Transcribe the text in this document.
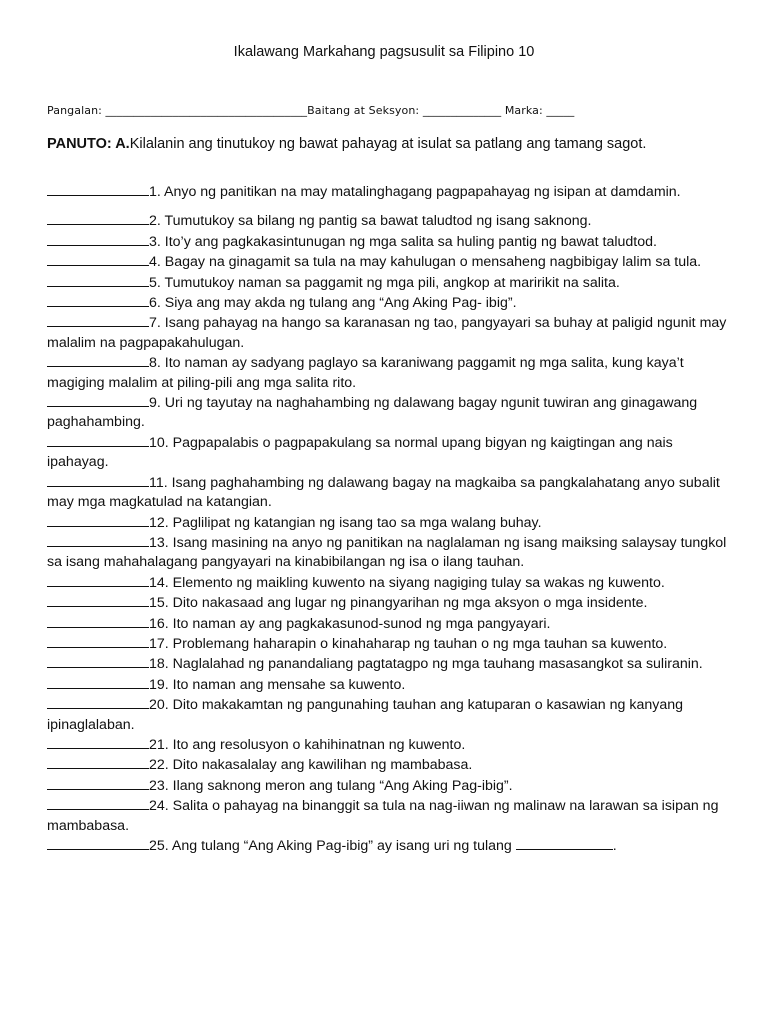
Ikalawang Markahang pagsusulit sa Filipino 10
Pangalan: ____________________________________Baitang at Seksyon: ______________ Marka: _____
PANUTO: A.Kilalanin ang tinutukoy ng bawat pahayag at isulat sa patlang ang tamang sagot.

1. Anyo ng panitikan na may matalinghagang pagpapahayag ng isipan at damdamin.

2. Tumutukoy sa bilang ng pantig sa bawat taludtod ng isang saknong.

3. Ito’y ang pagkakasintunugan ng mga salita sa huling pantig ng bawat taludtod.

4. Bagay na ginagamit sa tula na may kahulugan o mensaheng nagbibigay lalim sa tula.

5. Tumutukoy naman sa paggamit ng mga pili, angkop at maririkit na salita.

6. Siya ang may akda ng tulang ang “Ang Aking Pag- ibig”.

7. Isang pahayag na hango sa karanasan ng tao, pangyayari sa buhay at paligid ngunit may malalim na pagpapakahulugan.

8. Ito naman ay sadyang paglayo sa karaniwang paggamit ng mga salita, kung kaya’t magiging malalim at piling-pili ang mga salita rito.

9. Uri ng tayutay na naghahambing ng dalawang bagay ngunit tuwiran ang ginagawang paghahambing.

10. Pagpapalabis o pagpapakulang sa normal upang bigyan ng kaigtingan ang nais ipahayag.

11. Isang paghahambing ng dalawang bagay na magkaiba sa pangkalahatang anyo subalit may mga magkatulad na katangian.

12. Paglilipat ng katangian ng isang tao sa mga walang buhay.

13. Isang masining na anyo ng panitikan na naglalaman ng isang maiksing salaysay tungkol sa isang mahahalagang pangyayari na kinabibilangan ng isa o ilang tauhan.

14. Elemento ng maikling kuwento na siyang nagiging tulay sa wakas ng kuwento.

15. Dito nakasaad ang lugar ng pinangyarihan ng mga aksyon o mga insidente.

16. Ito naman ay ang pagkakasunod-sunod ng mga pangyayari.

17. Problemang haharapin o kinahaharap ng tauhan o ng mga tauhan sa kuwento.

18. Naglalahad ng panandaliang pagtatagpo ng mga tauhang masasangkot sa suliranin.

19. Ito naman ang mensahe sa kuwento.

20. Dito makakamtan ng pangunahing tauhan ang katuparan o kasawian ng kanyang ipinaglalaban.

21. Ito ang resolusyon o kahihinatnan ng kuwento.

22. Dito nakasalalay ang kawilihan ng mambabasa.

23. Ilang saknong meron ang tulang “Ang Aking Pag-ibig”.

24. Salita o pahayag na binanggit sa tula na nag-iiwan ng malinaw na larawan sa isipan ng mambabasa.

25. Ang tulang “Ang Aking Pag-ibig” ay isang uri ng tulang	.
